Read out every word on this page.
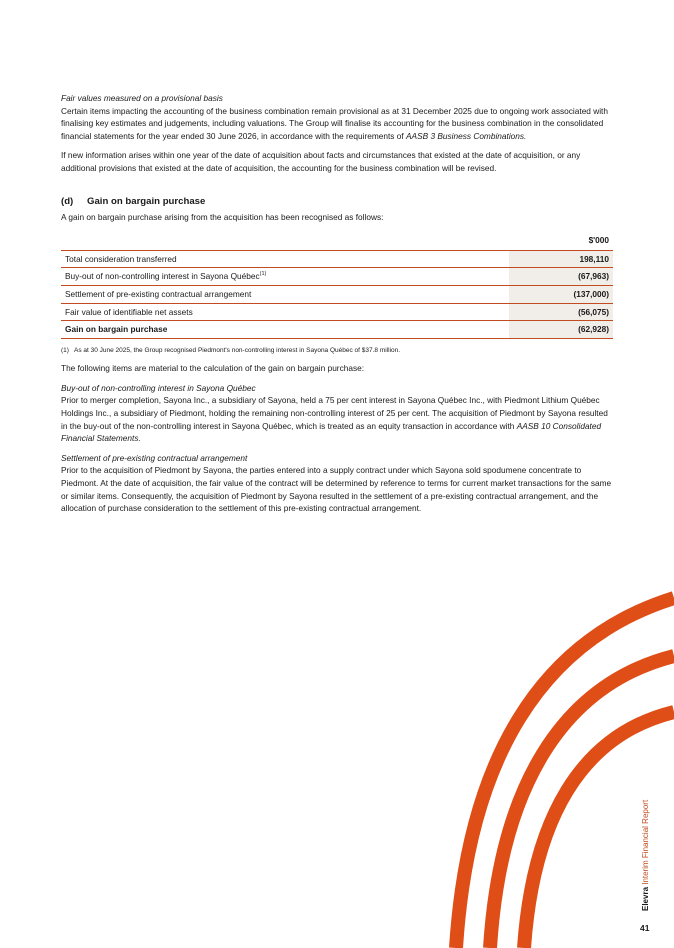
Fair values measured on a provisional basis

Certain items impacting the accounting of the business combination remain provisional as at 31 December 2025 due to ongoing work associated with finalising key estimates and judgements, including valuations. The Group will finalise its accounting for the business combination in the consolidated financial statements for the year ended 30 June 2026, in accordance with the requirements of AASB 3 Business Combinations.

If new information arises within one year of the date of acquisition about facts and circumstances that existed at the date of acquisition, or any additional provisions that existed at the date of acquisition, the accounting for the business combination will be revised.

(d) Gain on bargain purchase

A gain on bargain purchase arising from the acquisition has been recognised as follows:

	$'000
Total consideration transferred	198,110
Buy-out of non-controlling interest in Sayona Québec$^{(1)}$	(67,963)
Settlement of pre-existing contractual arrangement	(137,000)
Fair value of identifiable net assets	(56,075)
Gain on bargain purchase	(62,928)

(1) As at 30 June 2025, the Group recognised Piedmont's non-controlling interest in Sayona Québec of $37.8 million.

The following items are material to the calculation of the gain on bargain purchase:

Buy-out of non-controlling interest in Sayona Québec

Prior to merger completion, Sayona Inc., a subsidiary of Sayona, held a 75 per cent interest in Sayona Québec Inc., with Piedmont Lithium Québec Holdings Inc., a subsidiary of Piedmont, holding the remaining non-controlling interest of 25 per cent. The acquisition of Piedmont by Sayona resulted in the buy-out of the non-controlling interest in Sayona Québec, which is treated as an equity transaction in accordance with AASB 10 Consolidated Financial Statements.

Settlement of pre-existing contractual arrangement

Prior to the acquisition of Piedmont by Sayona, the parties entered into a supply contract under which Sayona sold spodumene concentrate to Piedmont. At the date of acquisition, the fair value of the contract will be determined by reference to terms for current market transactions for the same or similar items. Consequently, the acquisition of Piedmont by Sayona resulted in the settlement of a pre-existing contractual arrangement, and the allocation of purchase consideration to the settlement of this pre-existing contractual arrangement.

Elevra Interim Financial Report
41
